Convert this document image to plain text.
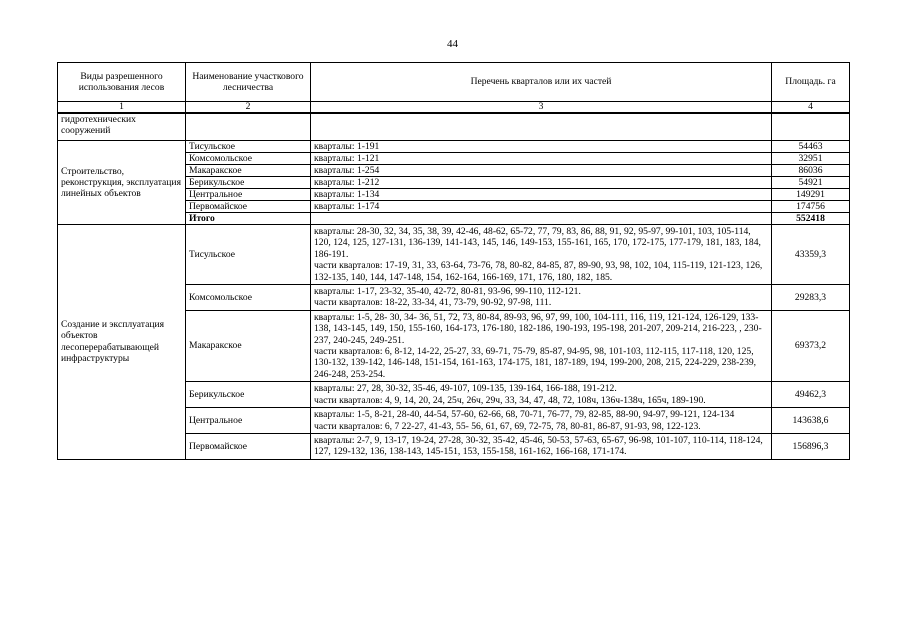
44
Виды разрешенного использования лесов	Наименование участкового лесничества	Перечень кварталов или их частей	Площадь. га
1	2	3	4
гидротехнических сооружений			
Строительство, реконструкция, эксплуатация линейных объектов	Тисульское	кварталы: 1-191	54463
	Комсомольское	кварталы: 1-121	32951
	Макаракское	кварталы: 1-254	86036
	Берикульское	кварталы: 1-212	54921
	Центральное	кварталы: 1-134	149291
	Первомайское	кварталы: 1-174	174756
	Итого		552418
Создание и эксплуатация объектов лесоперерабатывающей инфраструктуры	Тисульское	кварталы: 28-30, 32, 34, 35, 38, 39, 42-46, 48-62, 65-72, 77, 79, 83, 86, 88, 91, 92, 95-97, 99-101, 103, 105-114, 120, 124, 125, 127-131, 136-139, 141-143, 145, 146, 149-153, 155-161, 165, 170, 172-175, 177-179, 181, 183, 184, 186-191.
части кварталов: 17-19, 31, 33, 63-64, 73-76, 78, 80-82, 84-85, 87, 89-90, 93, 98, 102, 104, 115-119, 121-123, 126, 132-135, 140, 144, 147-148, 154, 162-164, 166-169, 171, 176, 180, 182, 185.	43359,3
	Комсомольское	кварталы: 1-17, 23-32, 35-40, 42-72, 80-81, 93-96, 99-110, 112-121.
части кварталов: 18-22, 33-34, 41, 73-79, 90-92, 97-98, 111.	29283,3
	Макаракское	кварталы: 1-5, 28- 30, 34- 36, 51, 72, 73, 80-84, 89-93, 96, 97, 99, 100, 104-111, 116, 119, 121-124, 126-129, 133-138, 143-145, 149, 150, 155-160, 164-173, 176-180, 182-186, 190-193, 195-198, 201-207, 209-214, 216-223, , 230-237, 240-245, 249-251.
части кварталов: 6, 8-12, 14-22, 25-27, 33, 69-71, 75-79, 85-87, 94-95, 98, 101-103, 112-115, 117-118, 120, 125, 130-132, 139-142, 146-148, 151-154, 161-163, 174-175, 181, 187-189, 194, 199-200, 208, 215, 224-229, 238-239, 246-248, 253-254.	69373,2
	Берикульское	кварталы: 27, 28, 30-32, 35-46, 49-107, 109-135, 139-164, 166-188, 191-212.
части кварталов: 4, 9, 14, 20, 24, 25ч, 26ч, 29ч, 33, 34, 47, 48, 72, 108ч, 136ч-138ч, 165ч, 189-190.	49462,3
	Центральное	кварталы: 1-5, 8-21, 28-40, 44-54, 57-60, 62-66, 68, 70-71, 76-77, 79, 82-85, 88-90, 94-97, 99-121, 124-134
части кварталов: 6, 7 22-27, 41-43, 55- 56, 61, 67, 69, 72-75, 78, 80-81, 86-87, 91-93, 98, 122-123.	143638,6
	Первомайское	кварталы: 2-7, 9, 13-17, 19-24, 27-28, 30-32, 35-42, 45-46, 50-53, 57-63, 65-67, 96-98, 101-107, 110-114, 118-124, 127, 129-132, 136, 138-143, 145-151, 153, 155-158, 161-162, 166-168, 171-174.	156896,3
